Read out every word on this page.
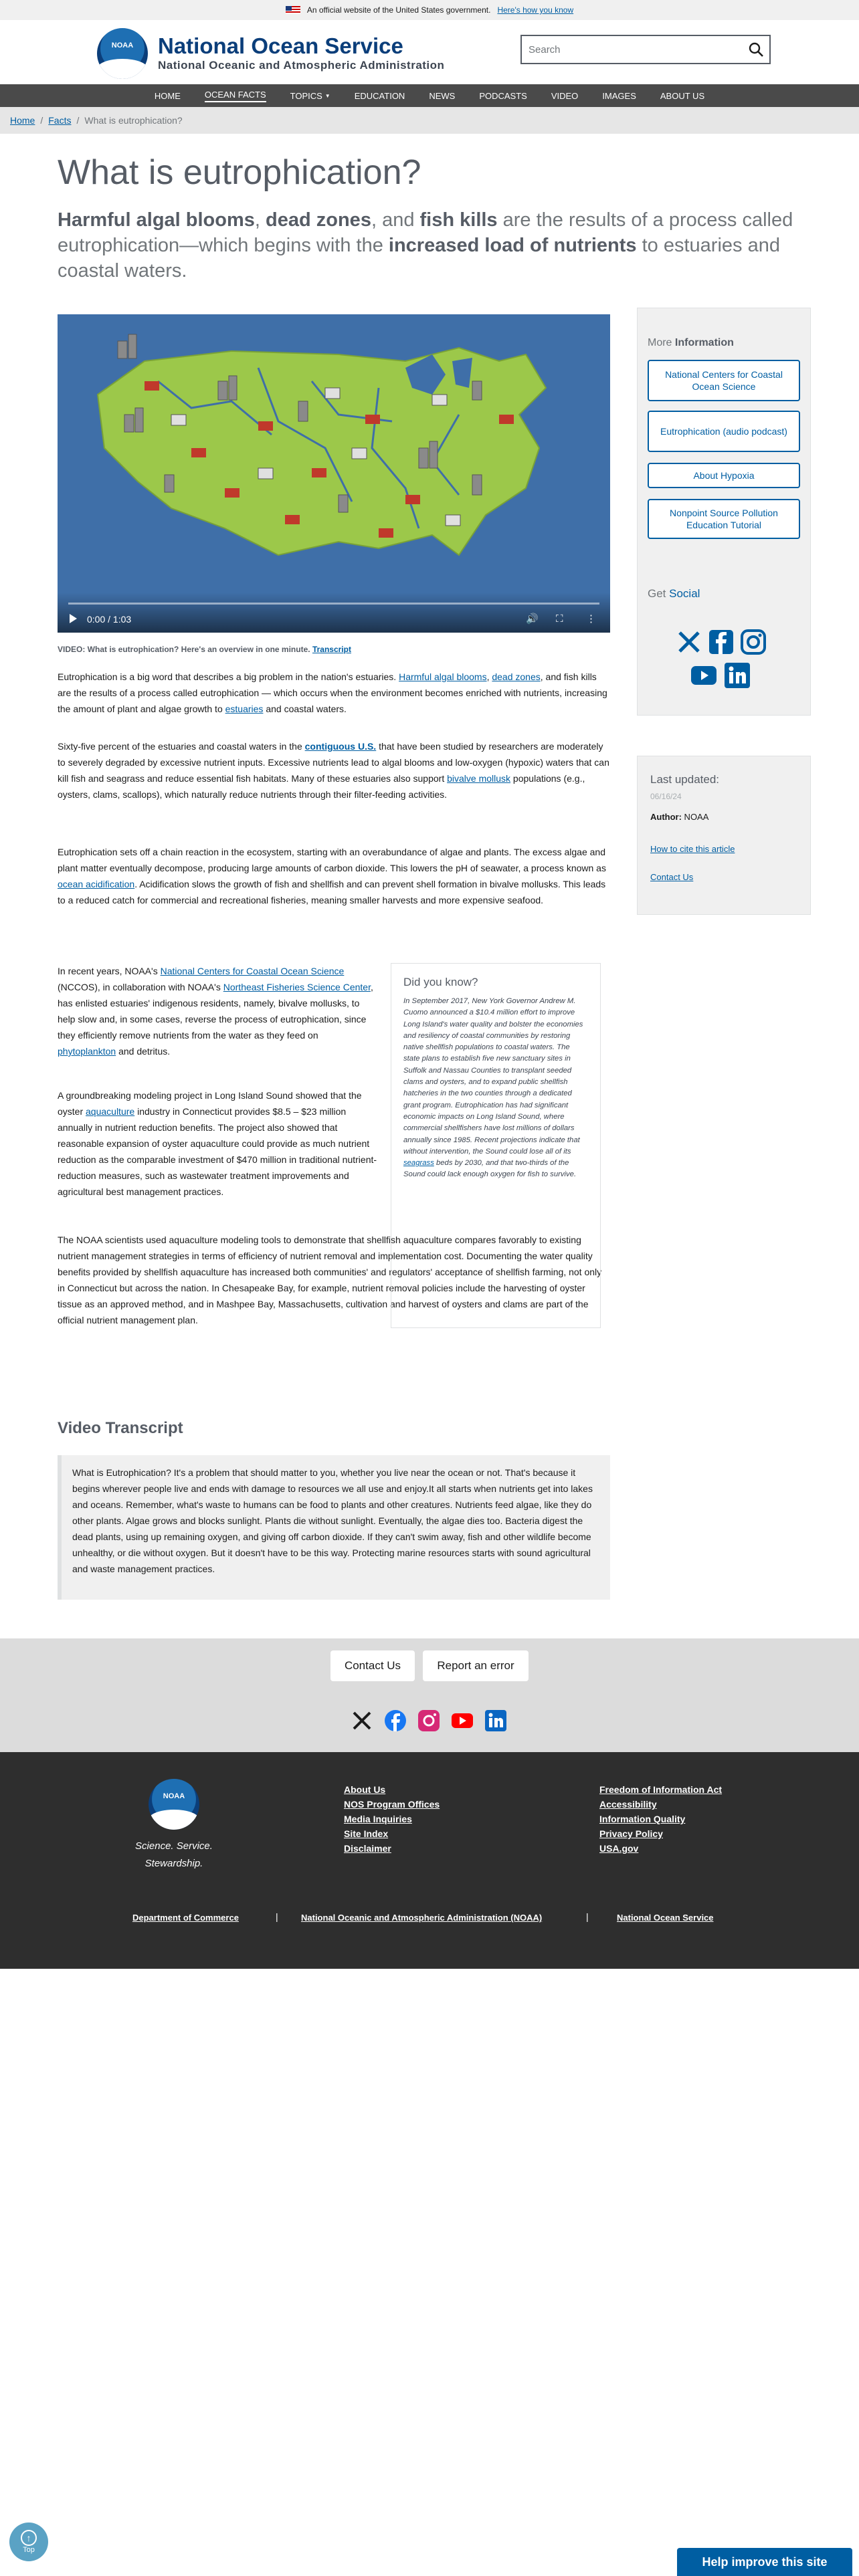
An official website of the United States government. Here's how you know
NOAA National Ocean Service
National Oceanic and Atmospheric Administration
Search
HOME	OCEAN FACTS	TOPICS ▼	EDUCATION	NEWS	PODCASTS	VIDEO	IMAGES	ABOUT US
Home / Facts / What is eutrophication?
What is eutrophication?

Harmful algal blooms, dead zones, and fish kills are the results of a process called eutrophication—which begins with the increased load of nutrients to estuaries and coastal waters.

0:00 / 1:03	🔊 ⛶ ⋮
VIDEO: What is eutrophication? Here's an overview in one minute. Transcript

Eutrophication is a big word that describes a big problem in the nation's estuaries. Harmful algal blooms, dead zones, and fish kills are the results of a process called eutrophication — which occurs when the environment becomes enriched with nutrients, increasing the amount of plant and algae growth to estuaries and coastal waters.

Sixty-five percent of the estuaries and coastal waters in the contiguous U.S. that have been studied by researchers are moderately to severely degraded by excessive nutrient inputs. Excessive nutrients lead to algal blooms and low-oxygen (hypoxic) waters that can kill fish and seagrass and reduce essential fish habitats. Many of these estuaries also support bivalve mollusk populations (e.g., oysters, clams, scallops), which naturally reduce nutrients through their filter-feeding activities.

Eutrophication sets off a chain reaction in the ecosystem, starting with an overabundance of algae and plants. The excess algae and plant matter eventually decompose, producing large amounts of carbon dioxide. This lowers the pH of seawater, a process known as ocean acidification. Acidification slows the growth of fish and shellfish and can prevent shell formation in bivalve mollusks. This leads to a reduced catch for commercial and recreational fisheries, meaning smaller harvests and more expensive seafood.

In recent years, NOAA's National Centers for Coastal Ocean Science (NCCOS), in collaboration with NOAA's Northeast Fisheries Science Center, has enlisted estuaries' indigenous residents, namely, bivalve mollusks, to help slow and, in some cases, reverse the process of eutrophication, since they efficiently remove nutrients from the water as they feed on phytoplankton and detritus.

A groundbreaking modeling project in Long Island Sound showed that the oyster aquaculture industry in Connecticut provides $8.5 – $23 million annually in nutrient reduction benefits. The project also showed that reasonable expansion of oyster aquaculture could provide as much nutrient reduction as the comparable investment of $470 million in traditional nutrient-reduction measures, such as wastewater treatment improvements and agricultural best management practices.

The NOAA scientists used aquaculture modeling tools to demonstrate that shellfish aquaculture compares favorably to existing nutrient management strategies in terms of efficiency of nutrient removal and implementation cost. Documenting the water quality benefits provided by shellfish aquaculture has increased both communities' and regulators' acceptance of shellfish farming, not only in Connecticut but across the nation. In Chesapeake Bay, for example, nutrient removal policies include the harvesting of oyster tissue as an approved method, and in Mashpee Bay, Massachusetts, cultivation and harvest of oysters and clams are part of the official nutrient management plan.

Did you know?

In September 2017, New York Governor Andrew M. Cuomo announced a $10.4 million effort to improve Long Island's water quality and bolster the economies and resiliency of coastal communities by restoring native shellfish populations to coastal waters. The state plans to establish five new sanctuary sites in Suffolk and Nassau Counties to transplant seeded clams and oysters, and to expand public shellfish hatcheries in the two counties through a dedicated grant program. Eutrophication has had significant economic impacts on Long Island Sound, where commercial shellfishers have lost millions of dollars annually since 1985. Recent projections indicate that without intervention, the Sound could lose all of its seagrass beds by 2030, and that two-thirds of the Sound could lack enough oxygen for fish to survive.

More Information
National Centers for Coastal Ocean Science
Eutrophication (audio podcast)
About Hypoxia
Nonpoint Source Pollution Education Tutorial
Get Social
Last updated:
06/16/24
Author: NOAA
How to cite this article
Contact Us
Video Transcript
What is Eutrophication? It's a problem that should matter to you, whether you live near the ocean or not. That's because it begins wherever people live and ends with damage to resources we all use and enjoy.It all starts when nutrients get into lakes and oceans. Remember, what's waste to humans can be food to plants and other creatures. Nutrients feed algae, like they do other plants. Algae grows and blocks sunlight. Plants die without sunlight. Eventually, the algae dies too. Bacteria digest the dead plants, using up remaining oxygen, and giving off carbon dioxide. If they can't swim away, fish and other wildlife become unhealthy, or die without oxygen. But it doesn't have to be this way. Protecting marine resources starts with sound agricultural and waste management practices.
Contact Us	Report an error
NOAA
Science. Service. Stewardship.
About Us
NOS Program Offices
Media Inquiries
Site Index
Disclaimer
Freedom of Information Act
Accessibility
Information Quality
Privacy Policy
USA.gov
Department of Commerce	|	National Oceanic and Atmospheric Administration (NOAA)	|	National Ocean Service
↑
Top
Help improve this site
